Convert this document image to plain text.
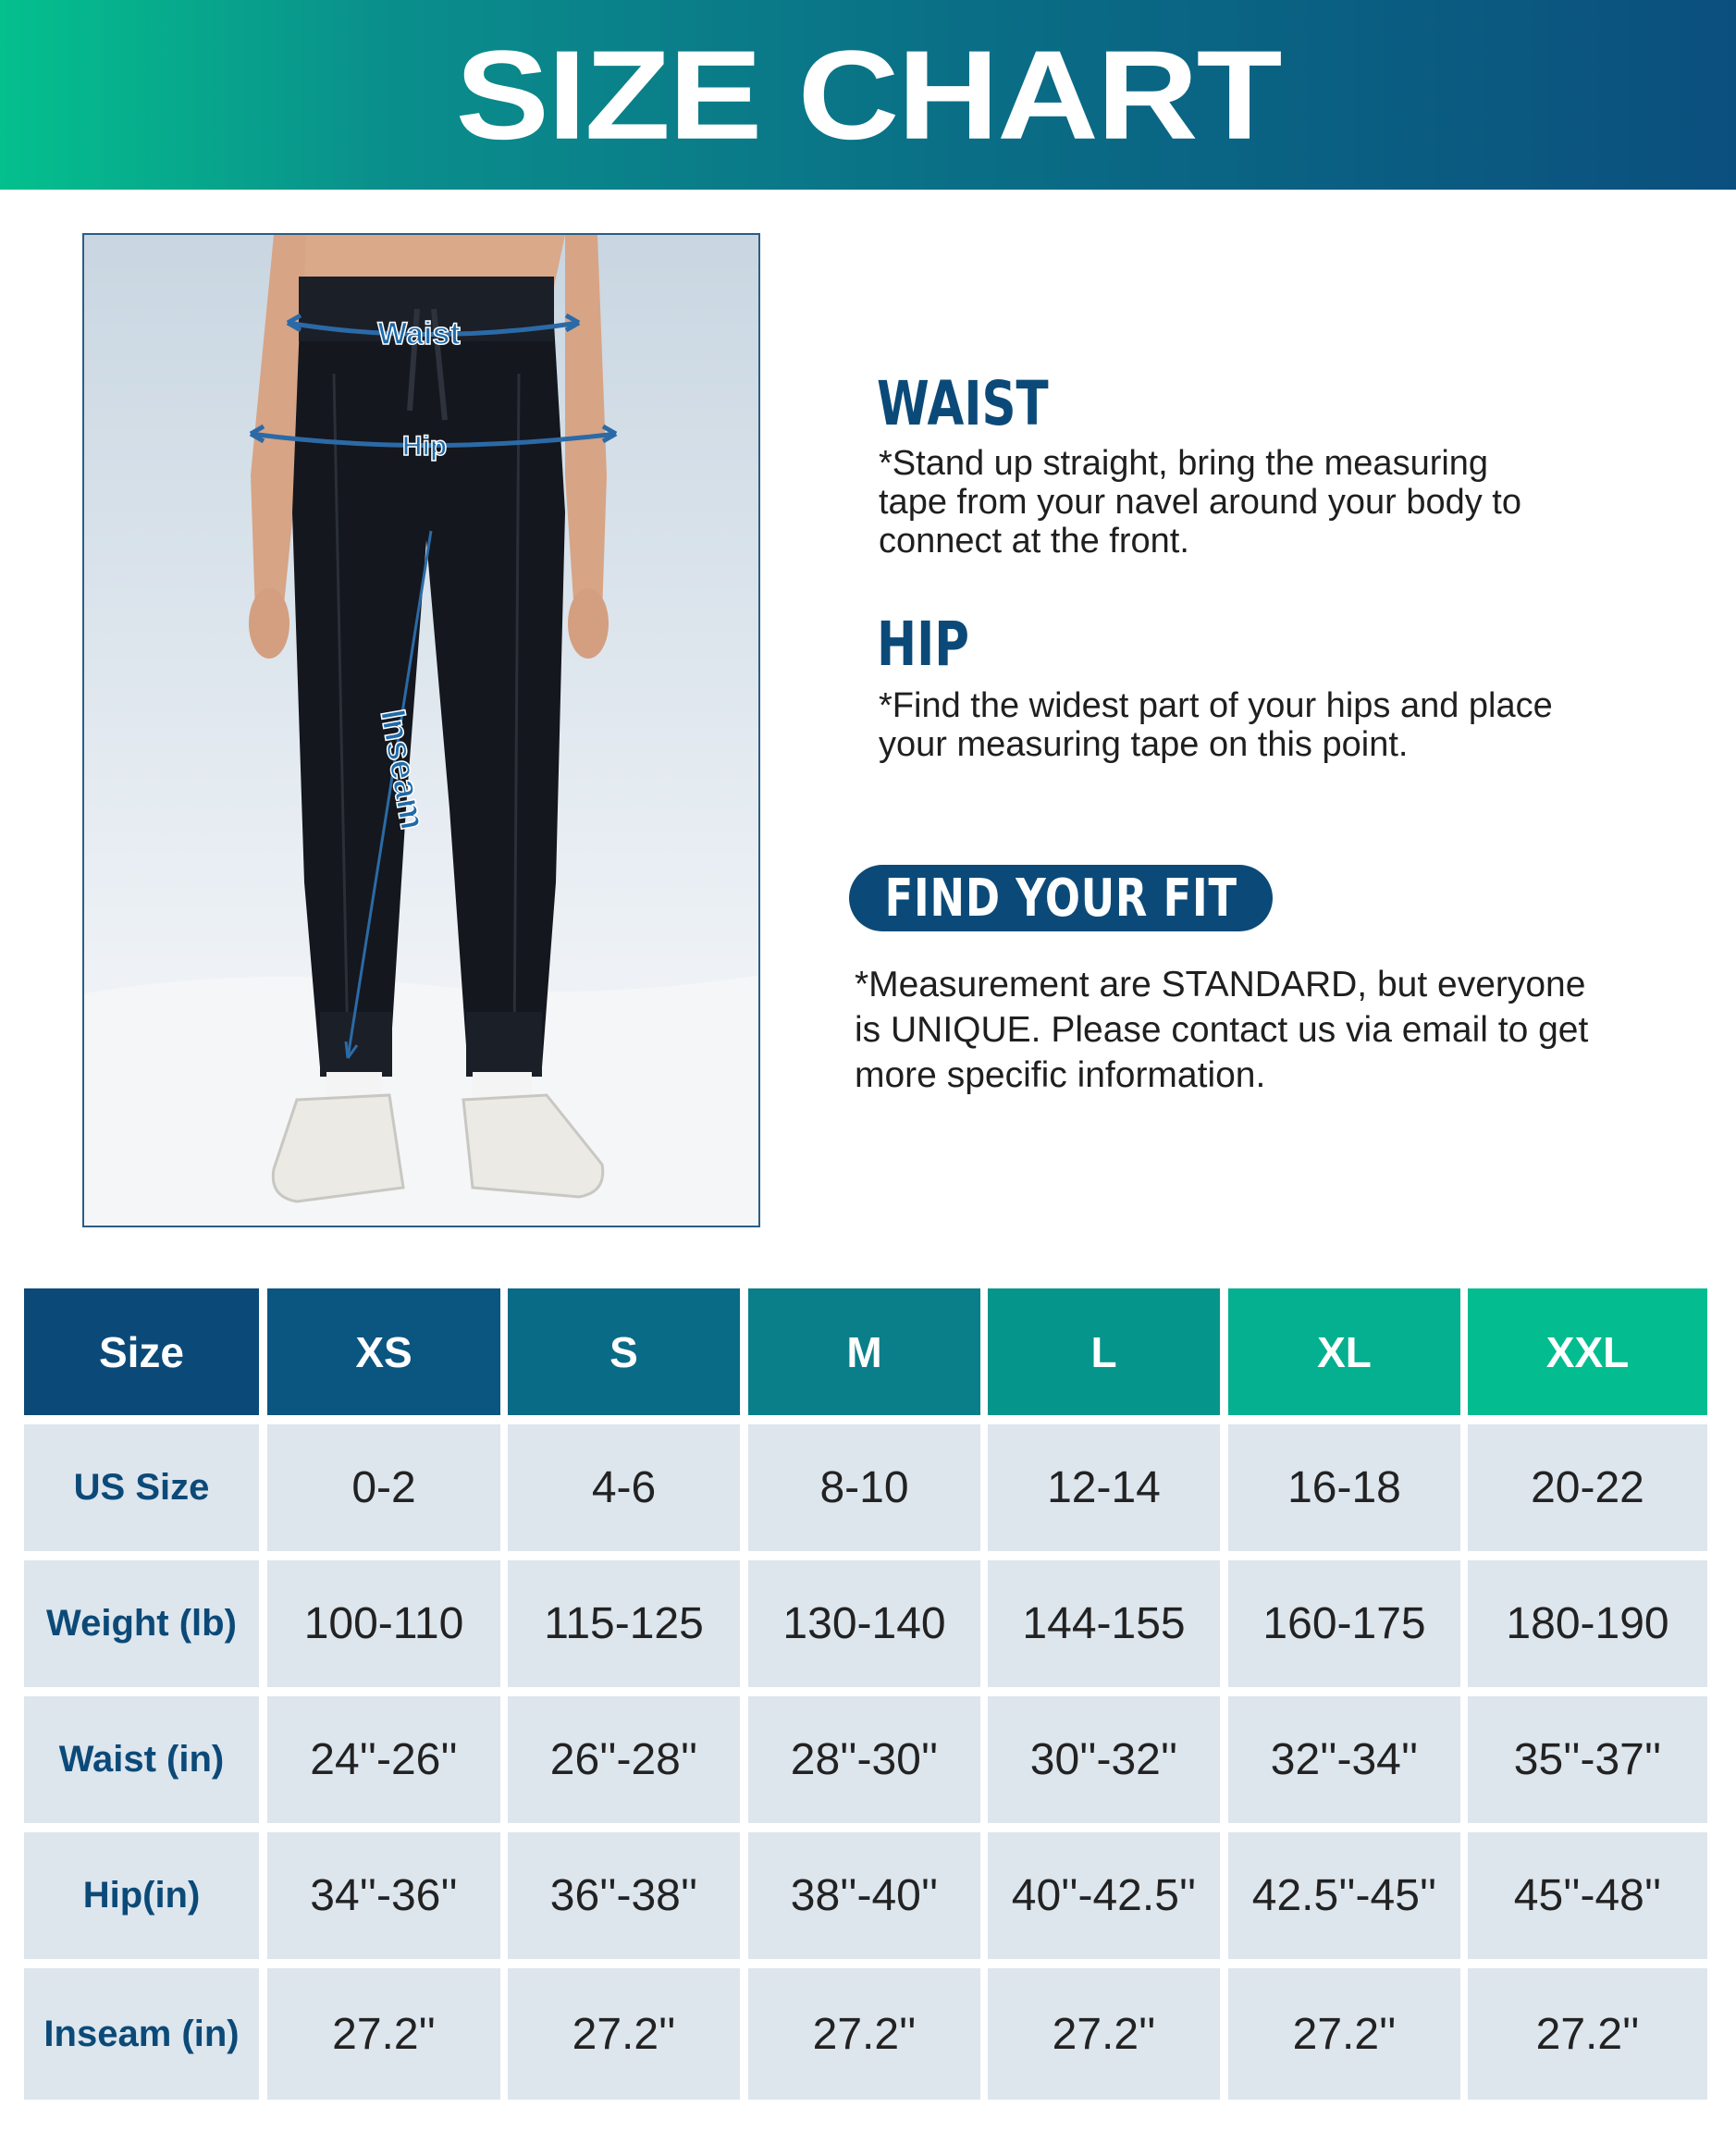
SIZE CHART
Waist
Hip
Inseam
WAIST
*Stand up straight, bring the measuring
tape from your navel around your body to
connect at the front.
HIP
*Find the widest part of your hips and place
your measuring tape on this point.
FIND YOUR FIT
*Measurement are STANDARD, but everyone
is UNIQUE. Please contact us via email to get
more specific information.
Size	XS	S	M	L	XL	XXL
US Size	0-2	4-6	8-10	12-14	16-18	20-22
Weight (lb)	100-110	115-125	130-140	144-155	160-175	180-190
Waist (in)	24''-26''	26''-28''	28''-30''	30''-32''	32''-34''	35''-37''
Hip(in)	34''-36''	36''-38''	38''-40''	40''-42.5''	42.5''-45''	45''-48''
Inseam (in)	27.2''	27.2''	27.2''	27.2''	27.2''	27.2''
